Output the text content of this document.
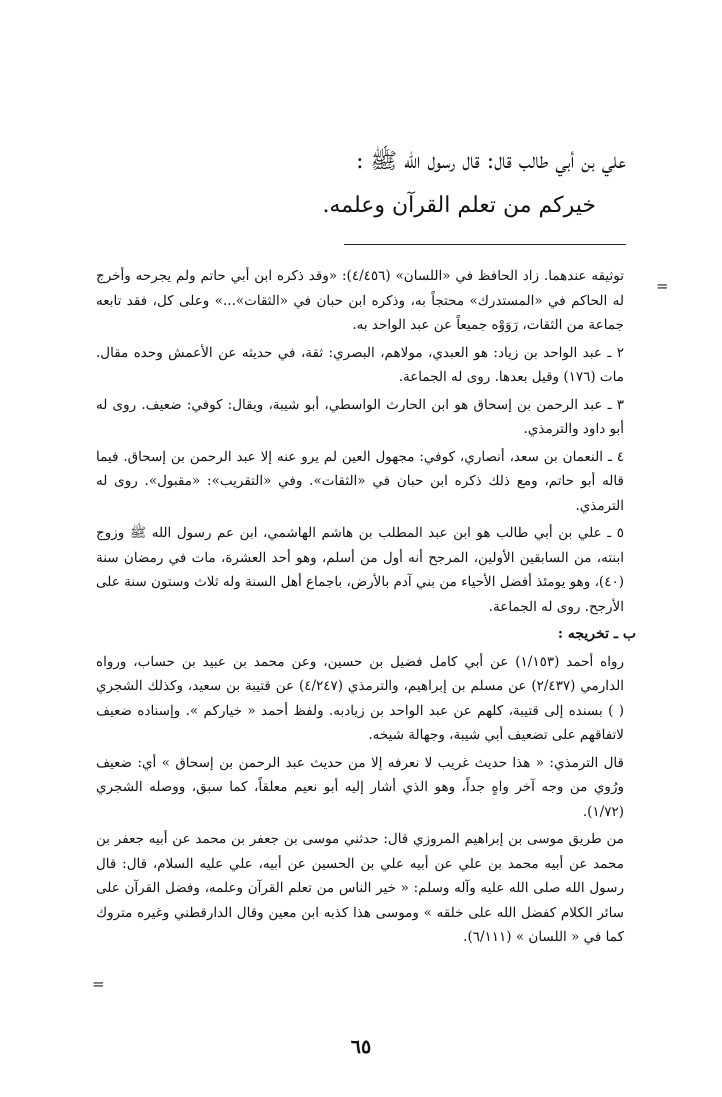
علي بن أبي طالب قال: قال رسول الله ﷺ :
خيركم من تعلم القرآن وعلمه.
=

توثيقه عندهما. زاد الحافظ في «اللسان» (٤/٤٥٦): «وقد ذكره ابن أبي حاتم ولم يجرحه وأخرج له الحاكم في «المستدرك» محتجاً به، وذكره ابن حبان في «الثقات»...» وعلى كل، فقد تابعه جماعة من الثقات، رَوَوْه جميعاً عن عبد الواحد به.

٢ ـ عبد الواحد بن زياد: هو العبدي، مولاهم، البصري: ثقة، في حديثه عن الأعمش وحده مقال. مات (١٧٦) وقيل بعدها. روى له الجماعة.

٣ ـ عبد الرحمن بن إسحاق هو ابن الحارث الواسطي، أبو شيبة، ويقال: كوفي: ضعيف. روى له أبو داود والترمذي.

٤ ـ النعمان بن سعد، أنصاري، كوفي: مجهول العين لم يرو عنه إلا عبد الرحمن بن إسحاق. فيما قاله أبو حاتم، ومع ذلك ذكره ابن حبان في «الثقات». وفي «التقريب»: «مقبول». روى له الترمذي.

٥ ـ علي بن أبي طالب هو ابن عبد المطلب بن هاشم الهاشمي، ابن عم رسول الله ﷺ وزوج ابنته، من السابقين الأولين، المرجح أنه أول من أسلم، وهو أحد العشرة، مات في رمضان سنة (٤٠)، وهو يومئذ أفضل الأحياء من بني آدم بالأرض، باجماع أهل السنة وله ثلاث وستون سنة على الأرجح. روى له الجماعة.

ب ـ تخريجه :

رواه أحمد (١/١٥٣) عن أبي كامل فضيل بن حسين، وعن محمد بن عبيد بن حساب، ورواه الدارمي (٢/٤٣٧) عن مسلم بن إبراهيم، والترمذي (٤/٢٤٧) عن قتيبة بن سعيد، وكذلك الشجري ( ) بسنده إلى قتيبة، كلهم عن عبد الواحد بن زيادبه. ولفظ أحمد « خياركم ». وإسناده ضعيف لاتفاقهم على تضعيف أبي شيبة، وجهالة شيخه.

قال الترمذي: « هذا حديث غريب لا نعرفه إلا من حديث عبد الرحمن بن إسحاق » أي: ضعيف ورُوي من وجه آخر واهٍ جداً، وهو الذي أشار إليه أبو نعيم معلقاً، كما سبق، ووصله الشجري (١/٧٢).

من طريق موسى بن إبراهيم المروزي قال: حدثني موسى بن جعفر بن محمد عن أبيه جعفر بن محمد عن أبيه محمد بن علي عن أبيه علي بن الحسين عن أبيه، علي عليه السلام، قال: قال رسول الله صلى الله عليه وآله وسلم: « خير الناس من تعلم القرآن وعلمه، وفضل القرآن على سائر الكلام كفضل الله على خلقه » وموسى هذا كذبه ابن معين وقال الدارقطني وغيره متروك كما في « اللسان » (٦/١١١).

=
٦٥
